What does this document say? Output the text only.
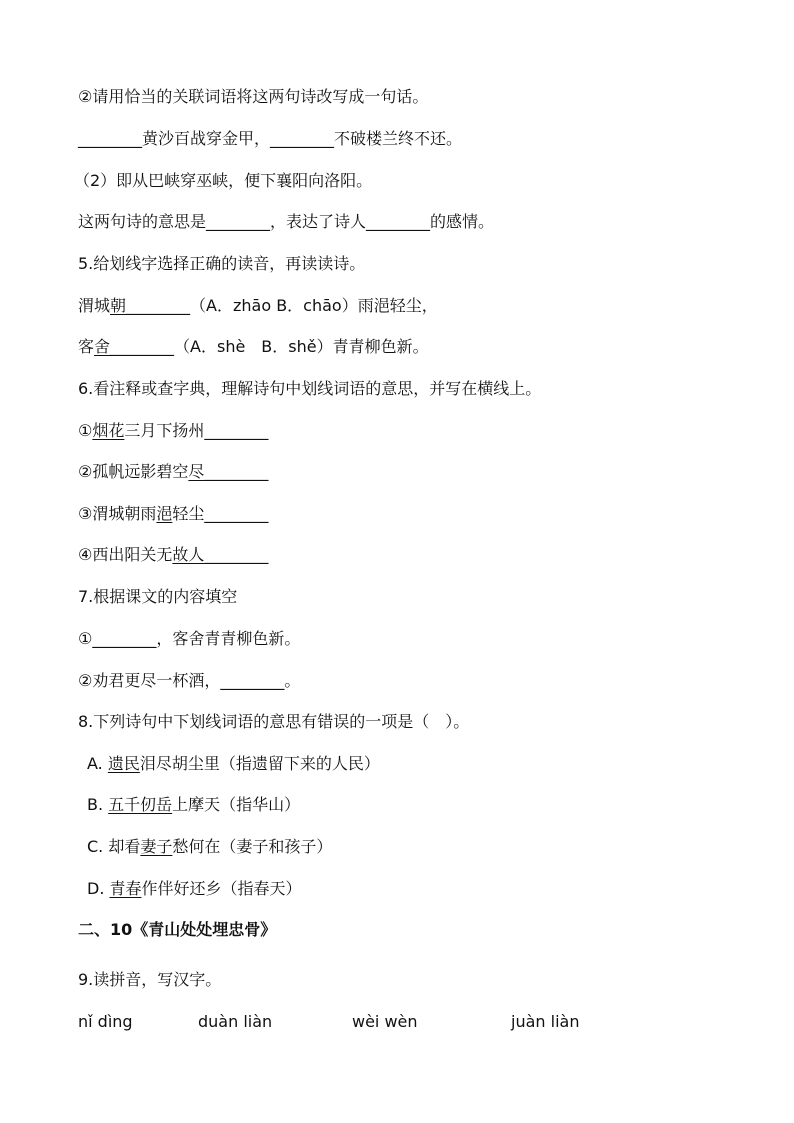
②请用恰当的关联词语将这两句诗改写成一句话。
________黄沙百战穿金甲，________不破楼兰终不还。
（2）即从巴峡穿巫峡，便下襄阳向洛阳。
这两句诗的意思是________，表达了诗人________的感情。
5.给划线字选择正确的读音，再读读诗。
渭城朝________（A．zhāo B．chāo）雨浥轻尘，
客舍________（A．shè　B．shě）青青柳色新。
6.看注释或查字典，理解诗句中划线词语的意思，并写在横线上。
①烟花三月下扬州________
②孤帆远影碧空尽________
③渭城朝雨浥轻尘________
④西出阳关无故人________
7.根据课文的内容填空
①________，客舍青青柳色新。
②劝君更尽一杯酒，________。
8.下列诗句中下划线词语的意思有错误的一项是（　）。
A. 遗民泪尽胡尘里（指遗留下来的人民）
B. 五千仞岳上摩天（指华山）
C. 却看妻子愁何在（妻子和孩子）
D. 青春作伴好还乡（指春天）
二、10《青山处处埋忠骨》
9.读拼音，写汉字。
nǐ dìng	duàn liàn	wèi wèn	juàn liàn
